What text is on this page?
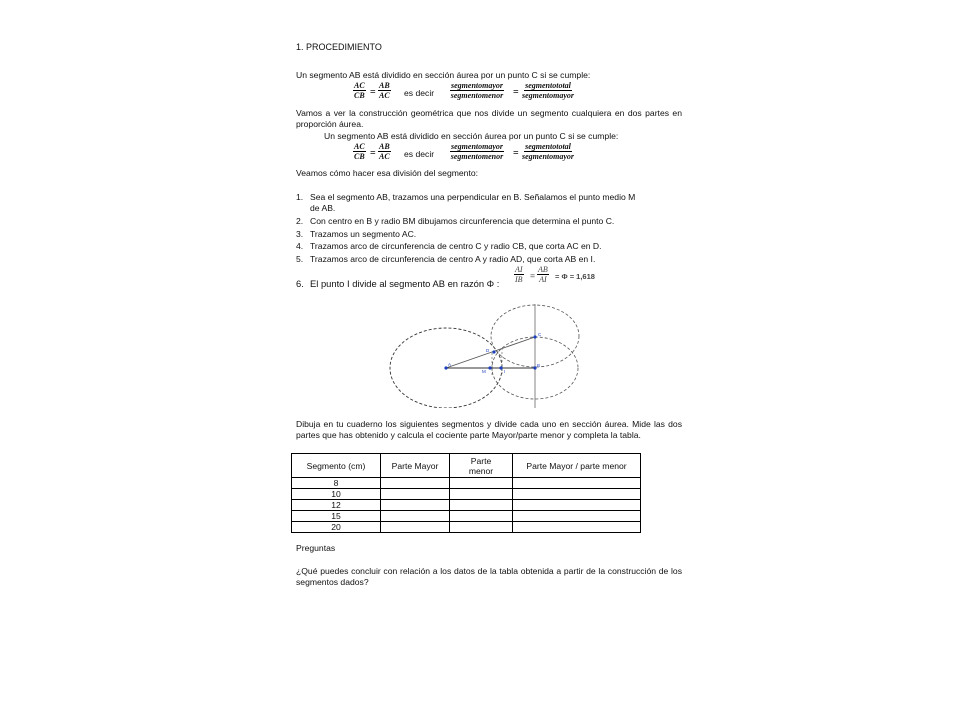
1. PROCEDIMIENTO
Un segmento AB está dividido en sección áurea por un punto C si se cumple:
$\frac{AC}{CB} = \frac{AB}{AC}$ es decir
segmentomayor
segmentomenor =
segmentototal
segmentomayor
Vamos a ver la construcción geométrica que nos divide un segmento cualquiera en dos partes en proporción áurea.
Un segmento AB está dividido en sección áurea por un punto C si se cumple:
$\frac{AC}{CB} = \frac{AB}{AC}$ es decir
segmentomayor
segmentomenor =
segmentototal
segmentomayor
Veamos cómo hacer esa división del segmento:
1. Sea el segmento AB, trazamos una perpendicular en B. Señalamos el punto medio M
de AB.
2. Con centro en B y radio BM dibujamos circunferencia que determina el punto C.
3. Trazamos un segmento AC.
4. Trazamos arco de circunferencia de centro C y radio CB, que corta AC en D.
5. Trazamos arco de circunferencia de centro A y radio AD, que corta AB en I.
6. El punto I divide al segmento AB en razón Φ : $\frac{AI}{IB} = \frac{AB}{AI} = \Phi = 1,618$
A
M	I
B
C
D
Dibuja en tu cuaderno los siguientes segmentos y divide cada uno en sección áurea. Mide las dos partes que has obtenido y calcula el cociente parte Mayor/parte menor y completa la tabla.
Segmento (cm)	Parte Mayor	Parte
menor	Parte Mayor / parte menor
8			
10			
12			
15			
20			
Preguntas
¿Qué puedes concluir con relación a los datos de la tabla obtenida a partir de la construcción de los segmentos dados?
